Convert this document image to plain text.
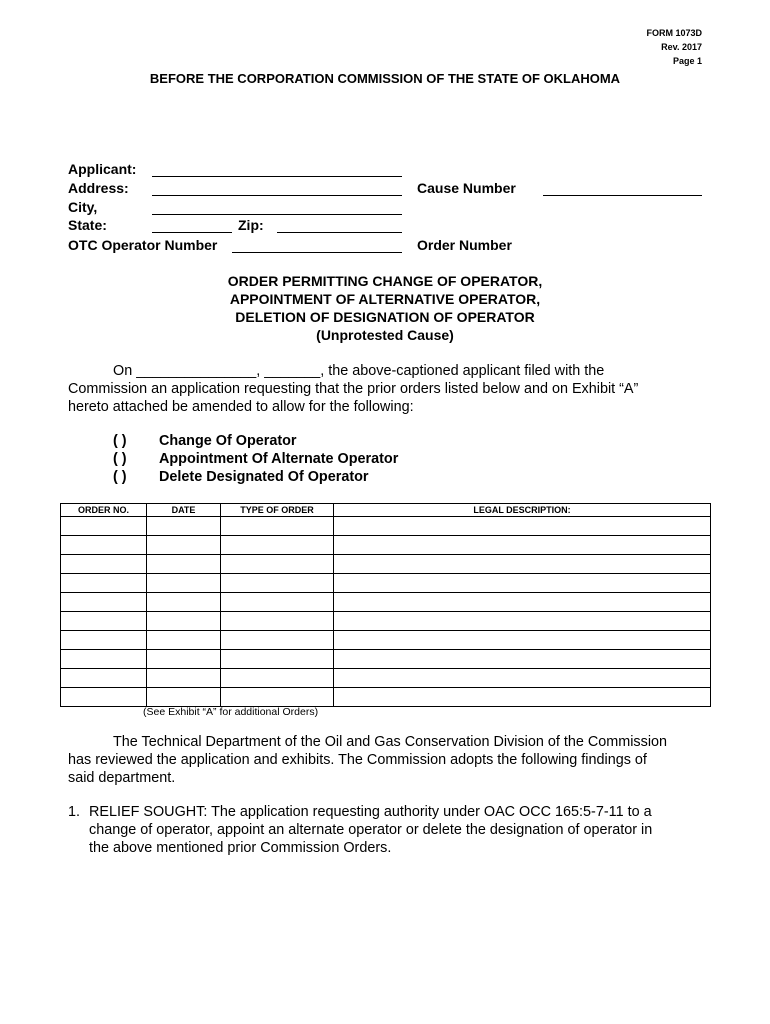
FORM 1073D
Rev. 2017
Page 1
BEFORE THE CORPORATION COMMISSION OF THE STATE OF OKLAHOMA
Applicant:
Address:
City,
State:	Zip:
OTC Operator Number
Cause Number
Order Number
ORDER PERMITTING CHANGE OF OPERATOR,
APPOINTMENT OF ALTERNATIVE OPERATOR,
DELETION OF DESIGNATION OF OPERATOR
(Unprotested Cause)
On _______________, _______, the above-captioned applicant filed with the
Commission an application requesting that the prior orders listed below and on Exhibit “A”
hereto attached be amended to allow for the following:
( ) Change Of Operator
( ) Appointment Of Alternate Operator
( ) Delete Designated Of Operator
ORDER NO.	DATE	TYPE OF ORDER	LEGAL DESCRIPTION:

(See Exhibit “A” for additional Orders)
The Technical Department of the Oil and Gas Conservation Division of the Commission
has reviewed the application and exhibits. The Commission adopts the following findings of
said department.
1. RELIEF SOUGHT: The application requesting authority under OAC OCC 165:5-7-11 to a
change of operator, appoint an alternate operator or delete the designation of operator in
the above mentioned prior Commission Orders.
